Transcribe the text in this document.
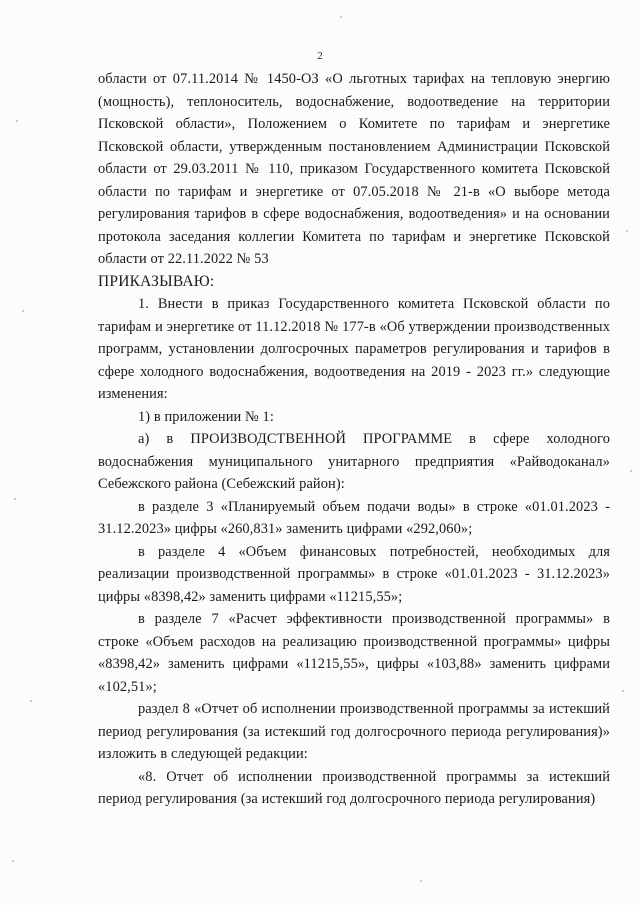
2

области от 07.11.2014 № 1450-ОЗ «О льготных тарифах на тепловую энергию (мощность), теплоноситель, водоснабжение, водоотведение на территории Псковской области», Положением о Комитете по тарифам и энергетике Псковской области, утвержденным постановлением Администрации Псковской области от 29.03.2011 № 110, приказом Государственного комитета Псковской области по тарифам и энергетике от 07.05.2018 № 21-в «О выборе метода регулирования тарифов в сфере водоснабжения, водоотведения» и на основании протокола заседания коллегии Комитета по тарифам и энергетике Псковской области от 22.11.2022 № 53

ПРИКАЗЫВАЮ:

1. Внести в приказ Государственного комитета Псковской области по тарифам и энергетике от 11.12.2018 № 177-в «Об утверждении производственных программ, установлении долгосрочных параметров регулирования и тарифов в сфере холодного водоснабжения, водоотведения на 2019 - 2023 гг.» следующие изменения:

1) в приложении № 1:

а) в ПРОИЗВОДСТВЕННОЙ ПРОГРАММЕ в сфере холодного водоснабжения муниципального унитарного предприятия «Райводоканал» Себежского района (Себежский район):

в разделе 3 «Планируемый объем подачи воды» в строке «01.01.2023 - 31.12.2023» цифры «260,831» заменить цифрами «292,060»;

в разделе 4 «Объем финансовых потребностей, необходимых для реализации производственной программы» в строке «01.01.2023 - 31.12.2023» цифры «8398,42» заменить цифрами «11215,55»;

в разделе 7 «Расчет эффективности производственной программы» в строке «Объем расходов на реализацию производственной программы» цифры «8398,42» заменить цифрами «11215,55», цифры «103,88» заменить цифрами «102,51»;

раздел 8 «Отчет об исполнении производственной программы за истекший период регулирования (за истекший год долгосрочного периода регулирования)» изложить в следующей редакции:

«8. Отчет об исполнении производственной программы за истекший период регулирования (за истекший год долгосрочного периода регулирования)
